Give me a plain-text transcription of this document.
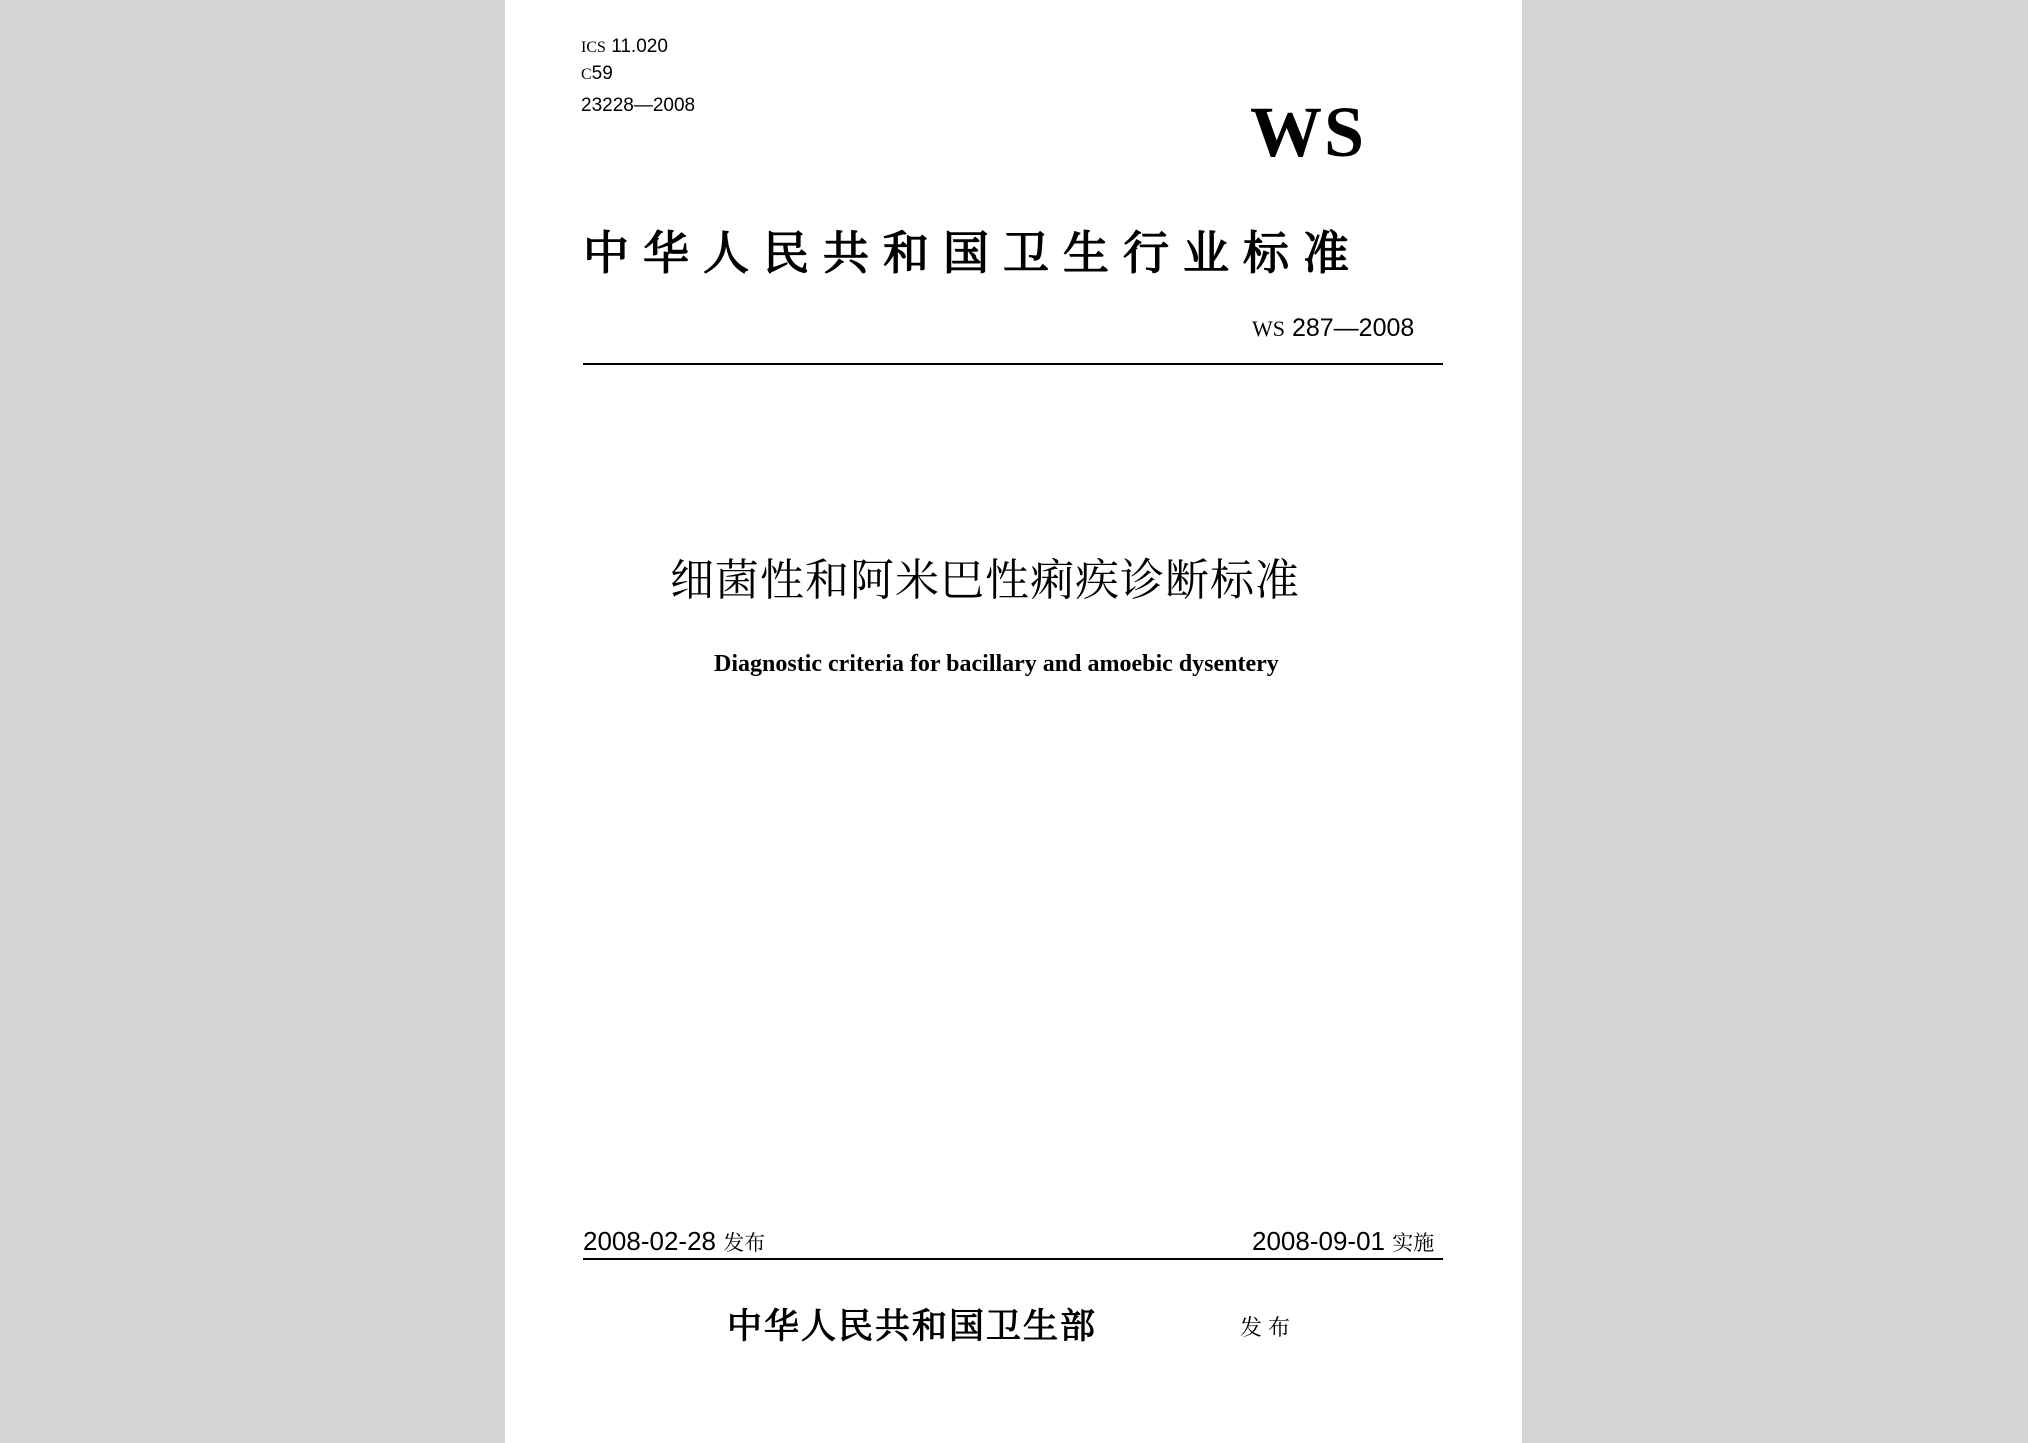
ICS 11.020
C59
23228—2008	WS
中华人民共和国卫生行业标准
WS 287—2008
细菌性和阿米巴性痢疾诊断标准
Diagnostic criteria for bacillary and amoebic dysentery
2008-02-28 发布	2008-09-01 实施
中华人民共和国卫生部	发布
